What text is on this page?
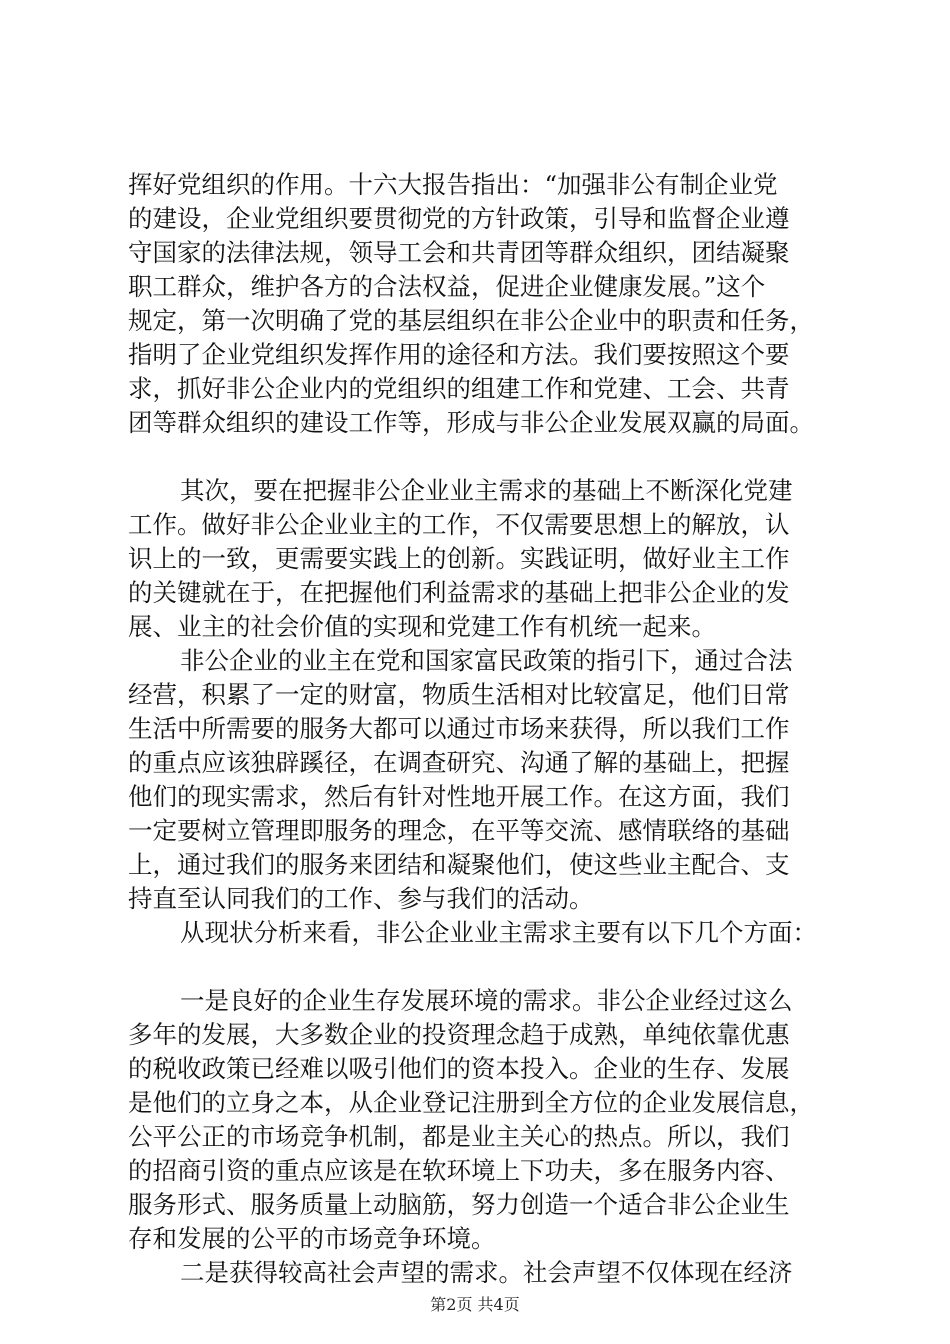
挥好党组织的作用。十六大报告指出：“加强非公有制企业党
的建设，企业党组织要贯彻党的方针政策，引导和监督企业遵
守国家的法律法规，领导工会和共青团等群众组织，团结凝聚
职工群众，维护各方的合法权益，促进企业健康发展。”这个
规定，第一次明确了党的基层组织在非公企业中的职责和任务，
指明了企业党组织发挥作用的途径和方法。我们要按照这个要
求，抓好非公企业内的党组织的组建工作和党建、工会、共青
团等群众组织的建设工作等，形成与非公企业发展双赢的局面。
其次，要在把握非公企业业主需求的基础上不断深化党建
工作。做好非公企业业主的工作，不仅需要思想上的解放，认
识上的一致，更需要实践上的创新。实践证明，做好业主工作
的关键就在于，在把握他们利益需求的基础上把非公企业的发
展、业主的社会价值的实现和党建工作有机统一起来。
非公企业的业主在党和国家富民政策的指引下，通过合法
经营，积累了一定的财富，物质生活相对比较富足，他们日常
生活中所需要的服务大都可以通过市场来获得，所以我们工作
的重点应该独辟蹊径，在调查研究、沟通了解的基础上，把握
他们的现实需求，然后有针对性地开展工作。在这方面，我们
一定要树立管理即服务的理念，在平等交流、感情联络的基础
上，通过我们的服务来团结和凝聚他们，使这些业主配合、支
持直至认同我们的工作、参与我们的活动。
从现状分析来看，非公企业业主需求主要有以下几个方面：
一是良好的企业生存发展环境的需求。非公企业经过这么
多年的发展，大多数企业的投资理念趋于成熟，单纯依靠优惠
的税收政策已经难以吸引他们的资本投入。企业的生存、发展
是他们的立身之本，从企业登记注册到全方位的企业发展信息，
公平公正的市场竞争机制，都是业主关心的热点。所以，我们
的招商引资的重点应该是在软环境上下功夫，多在服务内容、
服务形式、服务质量上动脑筋，努力创造一个适合非公企业生
存和发展的公平的市场竞争环境。
二是获得较高社会声望的需求。社会声望不仅体现在经济
第2页 共4页
